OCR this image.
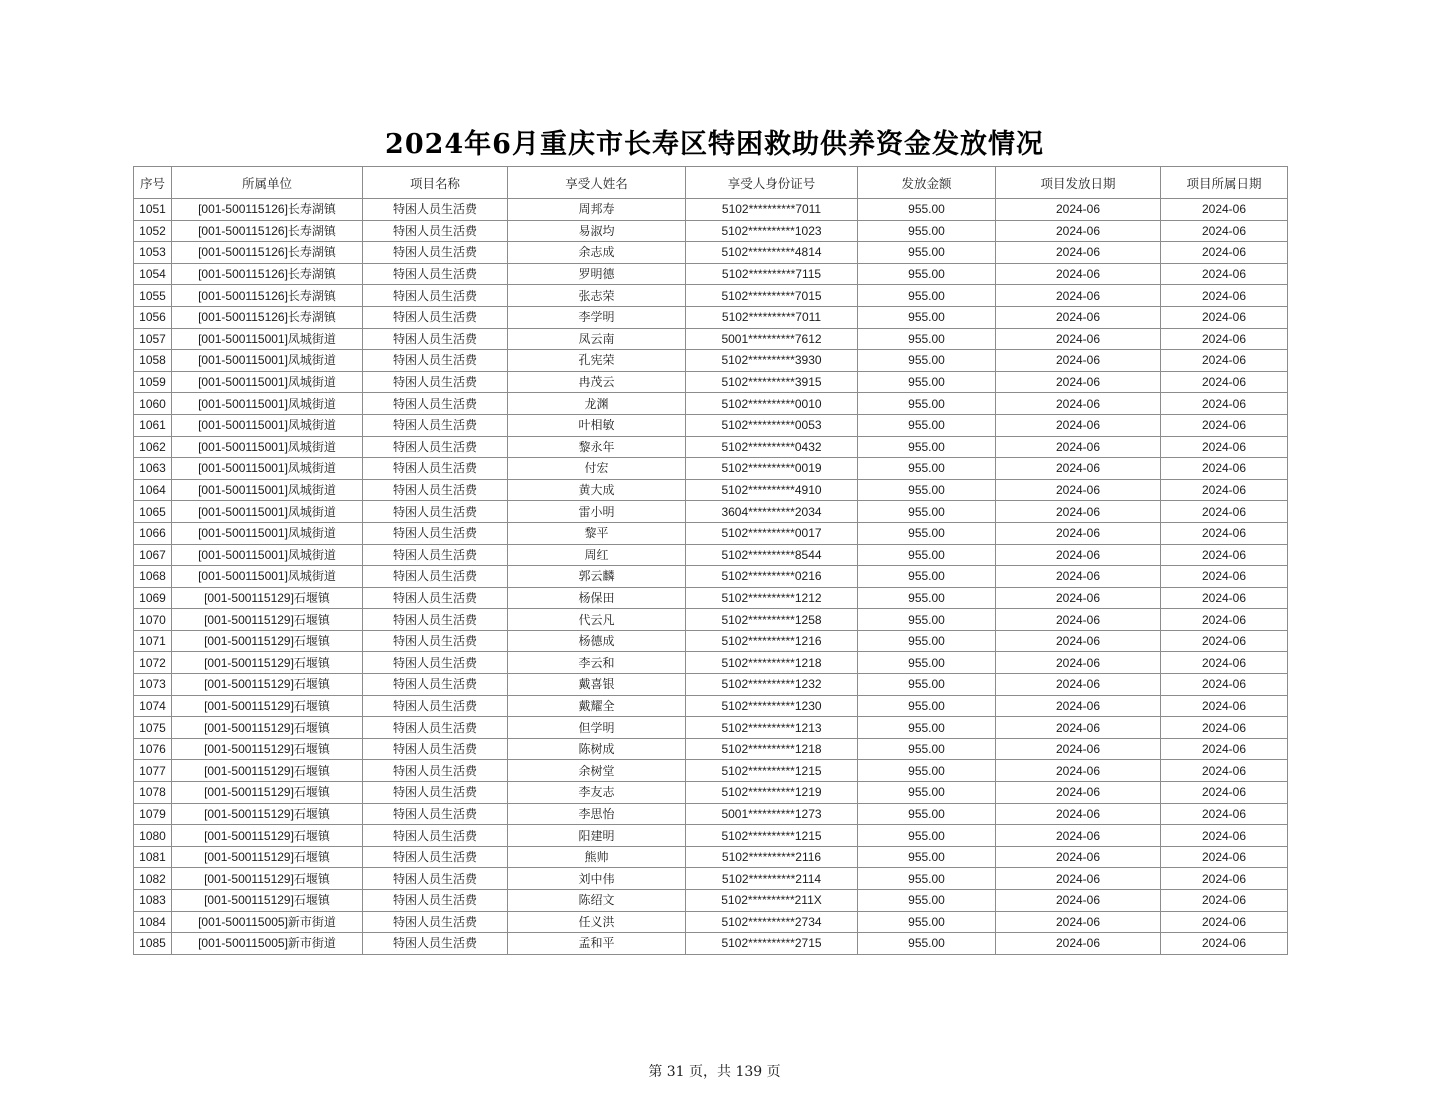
2024年6月重庆市长寿区特困救助供养资金发放情况
序号	所属单位	项目名称	享受人姓名	享受人身份证号	发放金额	项目发放日期	项目所属日期
1051	[001-500115126]长寿湖镇	特困人员生活费	周邦寿	5102**********7011	955.00	2024-06	2024-06
1052	[001-500115126]长寿湖镇	特困人员生活费	易淑均	5102**********1023	955.00	2024-06	2024-06
1053	[001-500115126]长寿湖镇	特困人员生活费	余志成	5102**********4814	955.00	2024-06	2024-06
1054	[001-500115126]长寿湖镇	特困人员生活费	罗明德	5102**********7115	955.00	2024-06	2024-06
1055	[001-500115126]长寿湖镇	特困人员生活费	张志荣	5102**********7015	955.00	2024-06	2024-06
1056	[001-500115126]长寿湖镇	特困人员生活费	李学明	5102**********7011	955.00	2024-06	2024-06
1057	[001-500115001]凤城街道	特困人员生活费	凤云南	5001**********7612	955.00	2024-06	2024-06
1058	[001-500115001]凤城街道	特困人员生活费	孔宪荣	5102**********3930	955.00	2024-06	2024-06
1059	[001-500115001]凤城街道	特困人员生活费	冉茂云	5102**********3915	955.00	2024-06	2024-06
1060	[001-500115001]凤城街道	特困人员生活费	龙渊	5102**********0010	955.00	2024-06	2024-06
1061	[001-500115001]凤城街道	特困人员生活费	叶相敏	5102**********0053	955.00	2024-06	2024-06
1062	[001-500115001]凤城街道	特困人员生活费	黎永年	5102**********0432	955.00	2024-06	2024-06
1063	[001-500115001]凤城街道	特困人员生活费	付宏	5102**********0019	955.00	2024-06	2024-06
1064	[001-500115001]凤城街道	特困人员生活费	黄大成	5102**********4910	955.00	2024-06	2024-06
1065	[001-500115001]凤城街道	特困人员生活费	雷小明	3604**********2034	955.00	2024-06	2024-06
1066	[001-500115001]凤城街道	特困人员生活费	黎平	5102**********0017	955.00	2024-06	2024-06
1067	[001-500115001]凤城街道	特困人员生活费	周红	5102**********8544	955.00	2024-06	2024-06
1068	[001-500115001]凤城街道	特困人员生活费	郭云麟	5102**********0216	955.00	2024-06	2024-06
1069	[001-500115129]石堰镇	特困人员生活费	杨保田	5102**********1212	955.00	2024-06	2024-06
1070	[001-500115129]石堰镇	特困人员生活费	代云凡	5102**********1258	955.00	2024-06	2024-06
1071	[001-500115129]石堰镇	特困人员生活费	杨德成	5102**********1216	955.00	2024-06	2024-06
1072	[001-500115129]石堰镇	特困人员生活费	李云和	5102**********1218	955.00	2024-06	2024-06
1073	[001-500115129]石堰镇	特困人员生活费	戴喜银	5102**********1232	955.00	2024-06	2024-06
1074	[001-500115129]石堰镇	特困人员生活费	戴耀全	5102**********1230	955.00	2024-06	2024-06
1075	[001-500115129]石堰镇	特困人员生活费	但学明	5102**********1213	955.00	2024-06	2024-06
1076	[001-500115129]石堰镇	特困人员生活费	陈树成	5102**********1218	955.00	2024-06	2024-06
1077	[001-500115129]石堰镇	特困人员生活费	余树堂	5102**********1215	955.00	2024-06	2024-06
1078	[001-500115129]石堰镇	特困人员生活费	李友志	5102**********1219	955.00	2024-06	2024-06
1079	[001-500115129]石堰镇	特困人员生活费	李思怡	5001**********1273	955.00	2024-06	2024-06
1080	[001-500115129]石堰镇	特困人员生活费	阳建明	5102**********1215	955.00	2024-06	2024-06
1081	[001-500115129]石堰镇	特困人员生活费	熊帅	5102**********2116	955.00	2024-06	2024-06
1082	[001-500115129]石堰镇	特困人员生活费	刘中伟	5102**********2114	955.00	2024-06	2024-06
1083	[001-500115129]石堰镇	特困人员生活费	陈绍文	5102**********211X	955.00	2024-06	2024-06
1084	[001-500115005]新市街道	特困人员生活费	任义洪	5102**********2734	955.00	2024-06	2024-06
1085	[001-500115005]新市街道	特困人员生活费	孟和平	5102**********2715	955.00	2024-06	2024-06
第 31 页，共 139 页
